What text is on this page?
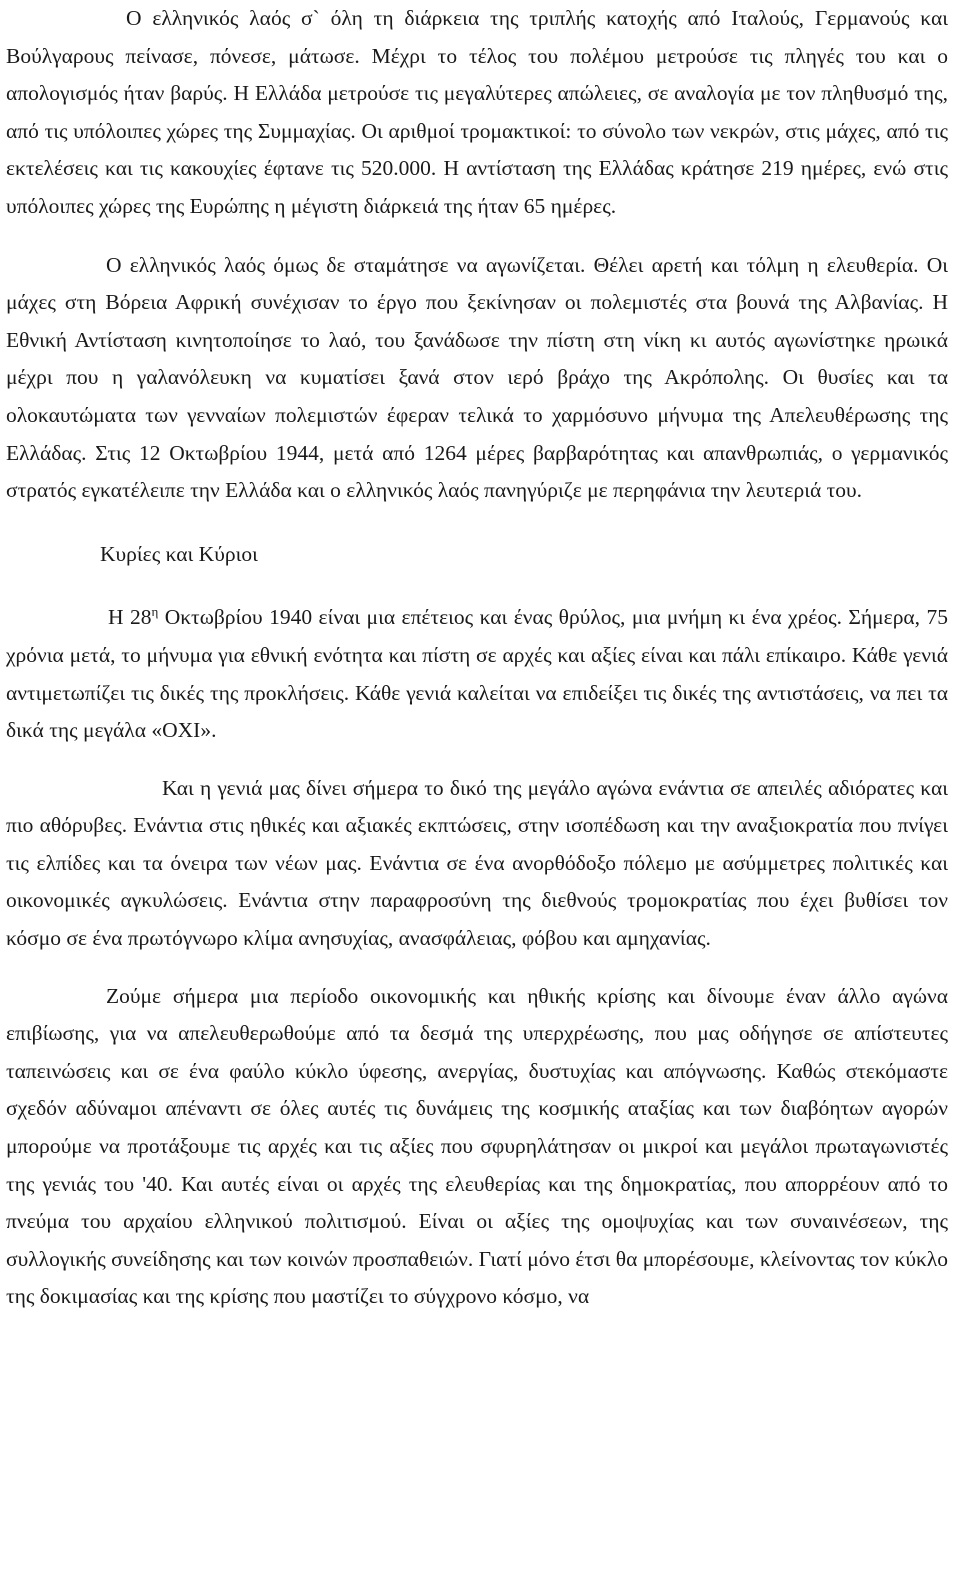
Ο ελληνικός λαός σ` όλη τη διάρκεια της τριπλής κατοχής από Ιταλούς, Γερμανούς και Βούλγαρους πείνασε, πόνεσε, μάτωσε. Μέχρι το τέλος του πολέμου μετρούσε τις πληγές του και ο απολογισμός ήταν βαρύς. Η Ελλάδα μετρούσε τις μεγαλύτερες απώλειες, σε αναλογία με τον πληθυσμό της, από τις υπόλοιπες χώρες της Συμμαχίας. Οι αριθμοί τρομακτικοί: το σύνολο των νεκρών, στις μάχες, από τις εκτελέσεις και τις κακουχίες έφτανε τις 520.000. Η αντίσταση της Ελλάδας κράτησε 219 ημέρες, ενώ στις υπόλοιπες χώρες της Ευρώπης η μέγιστη διάρκειά της ήταν 65 ημέρες.

Ο ελληνικός λαός όμως δε σταμάτησε να αγωνίζεται. Θέλει αρετή και τόλμη η ελευθερία. Οι μάχες στη Βόρεια Αφρική συνέχισαν το έργο που ξεκίνησαν οι πολεμιστές στα βουνά της Αλβανίας. Η Εθνική Αντίσταση κινητοποίησε το λαό, του ξανάδωσε την πίστη στη νίκη κι αυτός αγωνίστηκε ηρωικά μέχρι που η γαλανόλευκη να κυματίσει ξανά στον ιερό βράχο της Ακρόπολης. Οι θυσίες και τα ολοκαυτώματα των γενναίων πολεμιστών έφεραν τελικά το χαρμόσυνο μήνυμα της Απελευθέρωσης της Ελλάδας. Στις 12 Οκτωβρίου 1944, μετά από 1264 μέρες βαρβαρότητας και απανθρωπιάς, ο γερμανικός στρατός εγκατέλειπε την Ελλάδα και ο ελληνικός λαός πανηγύριζε με περηφάνια την λευτεριά του.

Κυρίες και Κύριοι

Η $28^\eta$ Οκτωβρίου 1940 είναι μια επέτειος και ένας θρύλος, μια μνήμη κι ένα χρέος. Σήμερα, 75 χρόνια μετά, το μήνυμα για εθνική ενότητα και πίστη σε αρχές και αξίες είναι και πάλι επίκαιρο. Κάθε γενιά αντιμετωπίζει τις δικές της προκλήσεις. Κάθε γενιά καλείται να επιδείξει τις δικές της αντιστάσεις, να πει τα δικά της μεγάλα «ΟΧΙ».

Και η γενιά μας δίνει σήμερα το δικό της μεγάλο αγώνα ενάντια σε απειλές αδιόρατες και πιο αθόρυβες. Ενάντια στις ηθικές και αξιακές εκπτώσεις, στην ισοπέδωση και την αναξιοκρατία που πνίγει τις ελπίδες και τα όνειρα των νέων μας. Ενάντια σε ένα ανορθόδοξο πόλεμο με ασύμμετρες πολιτικές και οικονομικές αγκυλώσεις. Ενάντια στην παραφροσύνη της διεθνούς τρομοκρατίας που έχει βυθίσει τον κόσμο σε ένα πρωτόγνωρο κλίμα ανησυχίας, ανασφάλειας, φόβου και αμηχανίας.

Ζούμε σήμερα μια περίοδο οικονομικής και ηθικής κρίσης και δίνουμε έναν άλλο αγώνα επιβίωσης, για να απελευθερωθούμε από τα δεσμά της υπερχρέωσης, που μας οδήγησε σε απίστευτες ταπεινώσεις και σε ένα φαύλο κύκλο ύφεσης, ανεργίας, δυστυχίας και απόγνωσης. Καθώς στεκόμαστε σχεδόν αδύναμοι απέναντι σε όλες αυτές τις δυνάμεις της κοσμικής αταξίας και των διαβόητων αγορών μπορούμε να προτάξουμε τις αρχές και τις αξίες που σφυρηλάτησαν οι μικροί και μεγάλοι πρωταγωνιστές της γενιάς του '40. Και αυτές είναι οι αρχές της ελευθερίας και της δημοκρατίας, που απορρέουν από το πνεύμα του αρχαίου ελληνικού πολιτισμού. Είναι οι αξίες της ομοψυχίας και των συναινέσεων, της συλλογικής συνείδησης και των κοινών προσπαθειών. Γιατί μόνο έτσι θα μπορέσουμε, κλείνοντας τον κύκλο της δοκιμασίας και της κρίσης που μαστίζει το σύγχρονο κόσμο, να
